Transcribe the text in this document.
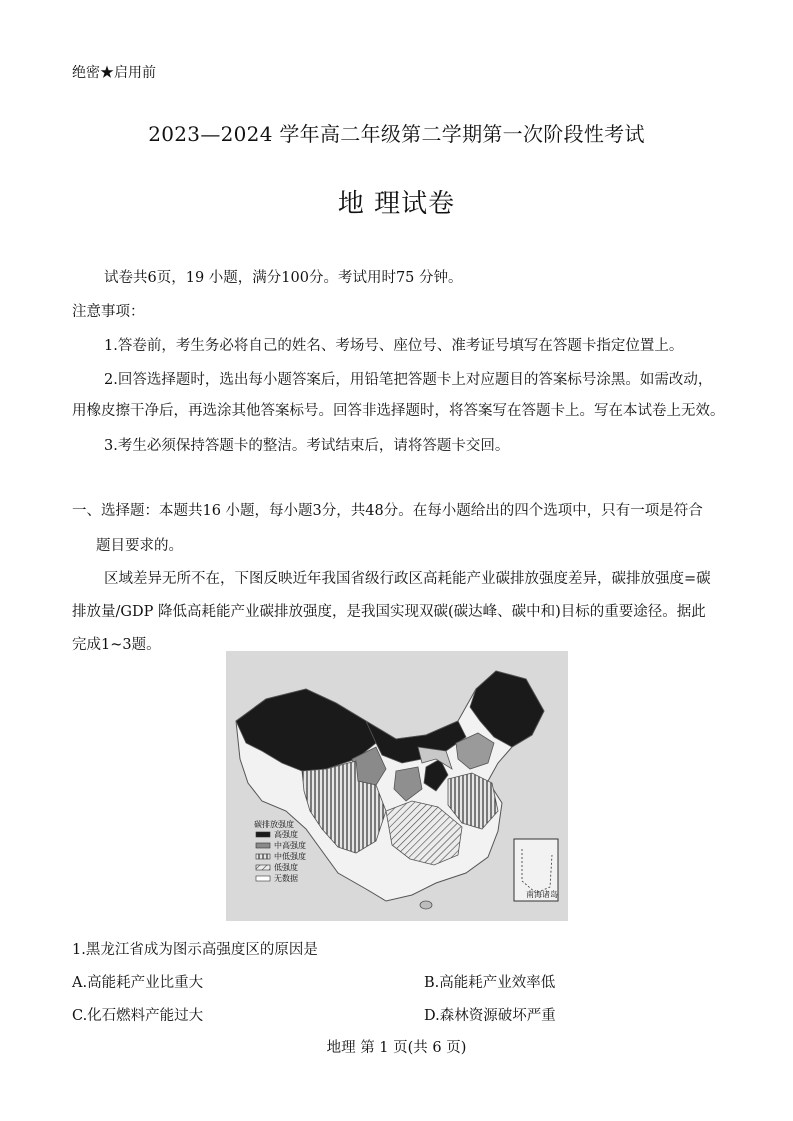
绝密★启用前
2023—2024 学年高二年级第二学期第一次阶段性考试
地 理试卷
试卷共6页，19 小题，满分100分。考试用时75 分钟。
注意事项：
1.答卷前，考生务必将自己的姓名、考场号、座位号、准考证号填写在答题卡指定位置上。
2.回答选择题时，选出每小题答案后，用铅笔把答题卡上对应题目的答案标号涂黑。如需改动，
用橡皮擦干净后，再选涂其他答案标号。回答非选择题时，将答案写在答题卡上。写在本试卷上无效。
3.考生必须保持答题卡的整洁。考试结束后，请将答题卡交回。
一、选择题：本题共16 小题，每小题3分，共48分。在每小题给出的四个选项中，只有一项是符合
题目要求的。
区域差异无所不在，下图反映近年我国省级行政区高耗能产业碳排放强度差异，碳排放强度=碳
排放量/GDP 降低高耗能产业碳排放强度，是我国实现双碳(碳达峰、碳中和)目标的重要途径。据此
完成1~3题。
南海诸岛
碳排放强度
高强度
中高强度
中低强度
低强度
无数据
1.黑龙江省成为图示高强度区的原因是
A.高能耗产业比重大	B.高能耗产业效率低
C.化石燃料产能过大	D.森林资源破坏严重
地理 第 1 页(共 6 页)
